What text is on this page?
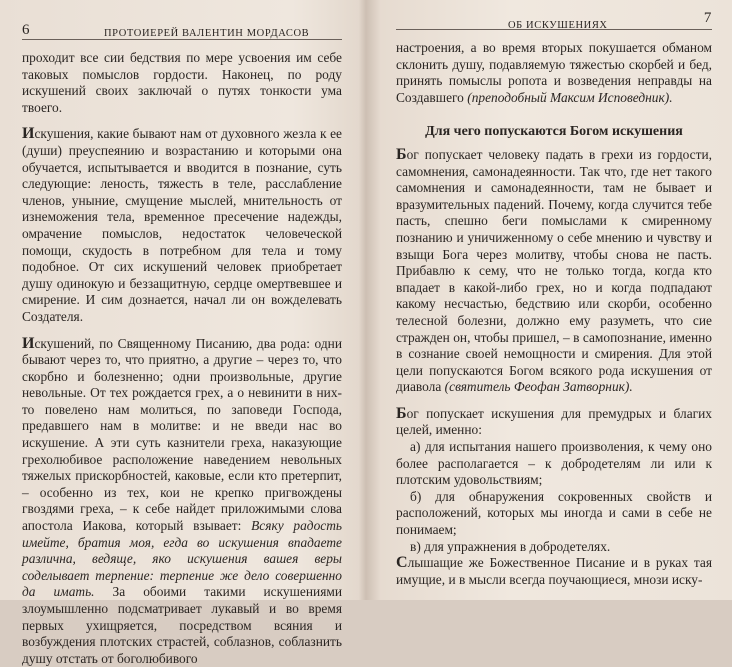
6	ПРОТОИЕРЕЙ ВАЛЕНТИН МОРДАСОВ

проходит все сии бедствия по мере усвоения им себе таковых помыслов гордости. Наконец, по роду искушений своих заключай о путях тонкости ума твоего.

Искушения, какие бывают нам от духовного жезла к ее (души) преуспеянию и возрастанию и которыми она обучается, испытывается и вводится в познание, суть следующие: леность, тяжесть в теле, расслабление членов, уныние, смущение мыслей, мнительность от изнеможения тела, временное пресечение надежды, омрачение помыслов, недостаток человеческой помощи, скудость в потребном для тела и тому подобное. От сих искушений человек приобретает душу одинокую и беззащитную, сердце омертвевшее и смирение. И сим дознается, начал ли он вожделевать Создателя.

Искушений, по Священному Писанию, два рода: одни бывают через то, что приятно, а другие – через то, что скорбно и болезненно; одни произвольные, другие невольные. От тех рождается грех, а о невинити в них-то повелено нам молиться, по заповеди Господа, предавшего нам в молитве: и не введи нас во искушение. А эти суть казнители греха, наказующие грехолюбивое расположение наведением невольных тяжелых прискорбностей, каковые, если кто претерпит, – особенно из тех, кои не крепко пригвождены гвоздями греха, – к себе найдет приложимыми слова апостола Иакова, который взывает: Всяку радость имейте, братия моя, егда во искушения впадаете различна, ведяще, яко искушения вашея веры соделывает терпение: терпение же дело совершенно да имать. За обоими такими искушениями злоумышленно подсматривает лукавый и во время первых ухищряется, посредством всяния и возбуждения плотских страстей, соблазнов, соблазнить душу отстать от боголюбивого

ОБ ИСКУШЕНИЯХ	7

настроения, а во время вторых покушается обманом склонить душу, подавляемую тяжестью скорбей и бед, принять помыслы ропота и возведения неправды на Создавшего (преподобный Максим Исповедник).

Для чего попускаются Богом искушения

Бог попускает человеку падать в грехи из гордости, самомнения, самонадеянности. Так что, где нет такого самомнения и самонадеянности, там не бывает и вразумительных падений. Почему, когда случится тебе пасть, спешно беги помыслами к смиренному познанию и уничиженному о себе мнению и чувству и взыщи Бога через молитву, чтобы снова не пасть. Прибавлю к сему, что не только тогда, когда кто впадает в какой-либо грех, но и когда подпадают какому несчастью, бедствию или скорби, особенно телесной болезни, должно ему разуметь, что сие стражден он, чтобы пришел, – в самопознание, именно в сознание своей немощности и смирения. Для этой цели попускаются Богом всякого рода искушения от диавола (святитель Феофан Затворник).

Бог попускает искушения для премудрых и благих целей, именно:

а) для испытания нашего произволения, к чему оно более располагается – к добродетелям ли или к плотским удовольствиям;

б) для обнаружения сокровенных свойств и расположений, которых мы иногда и сами в себе не понимаем;

в) для упражнения в добродетелях.

Слышащие же Божественное Писание и в руках тая имущие, и в мысли всегда поучающиеся, мнози иску-
